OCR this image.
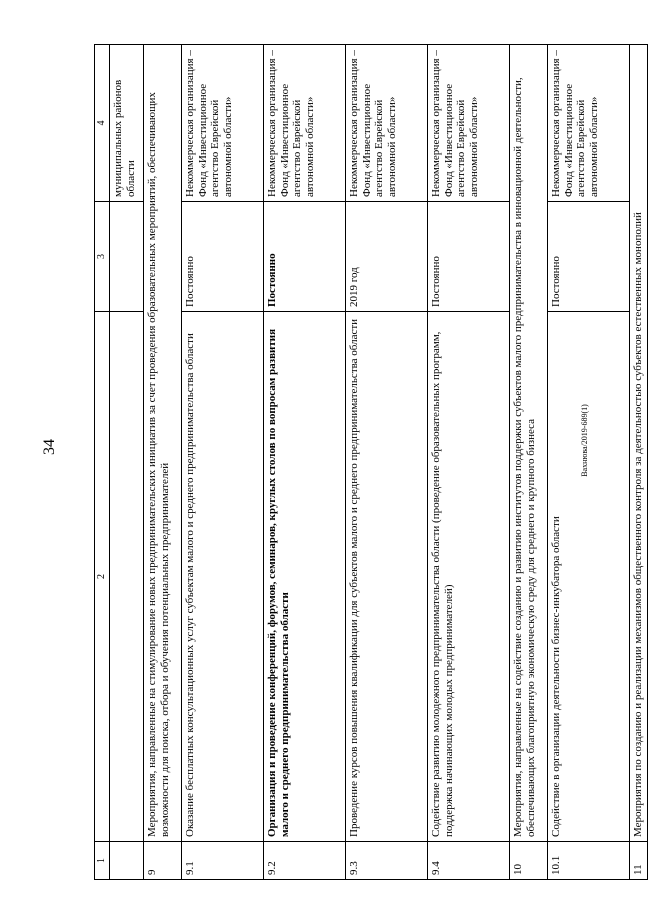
34	Вахнюва/2019-689(1)
1	2	3	4
			муниципальных районов области
9	Мероприятия, направленные на стимулирование новых предпринимательских инициатив за счет проведения образовательных мероприятий, обеспечивающих возможности для поиска, отбора и обучения потенциальных предпринимателей		
9.1	Оказание бесплатных консультационных услуг субъектам малого и среднего предпринимательства области	Постоянно	Некоммерческая организация – Фонд «Инвестиционное агентство Еврейской автономной области»
9.2	Организация и проведение конференций, форумов, семинаров, круглых столов по вопросам развития малого и среднего предпринимательства области	Постоянно	Некоммерческая организация – Фонд «Инвестиционное агентство Еврейской автономной области»
9.3	Проведение курсов повышения квалификации для субъектов малого и среднего предпринимательства области	2019 год	Некоммерческая организация – Фонд «Инвестиционное агентство Еврейской автономной области»
9.4	Содействие развитию молодежного предпринимательства области (проведение образовательных программ, поддержка начинающих молодых предпринимателей)	Постоянно	Некоммерческая организация – Фонд «Инвестиционное агентство Еврейской автономной области»
10	Мероприятия, направленные на содействие созданию и развитию институтов поддержки субъектов малого предпринимательства в инновационной деятельности, обеспечивающих благоприятную экономическую среду для среднего и крупного бизнеса		
10.1	Содействие в организации деятельности бизнес-инкубатора области	Постоянно	Некоммерческая организация – Фонд «Инвестиционное агентство Еврейской автономной области»
11	Мероприятия по созданию и реализации механизмов общественного контроля за деятельностью субъектов естественных монополий		
